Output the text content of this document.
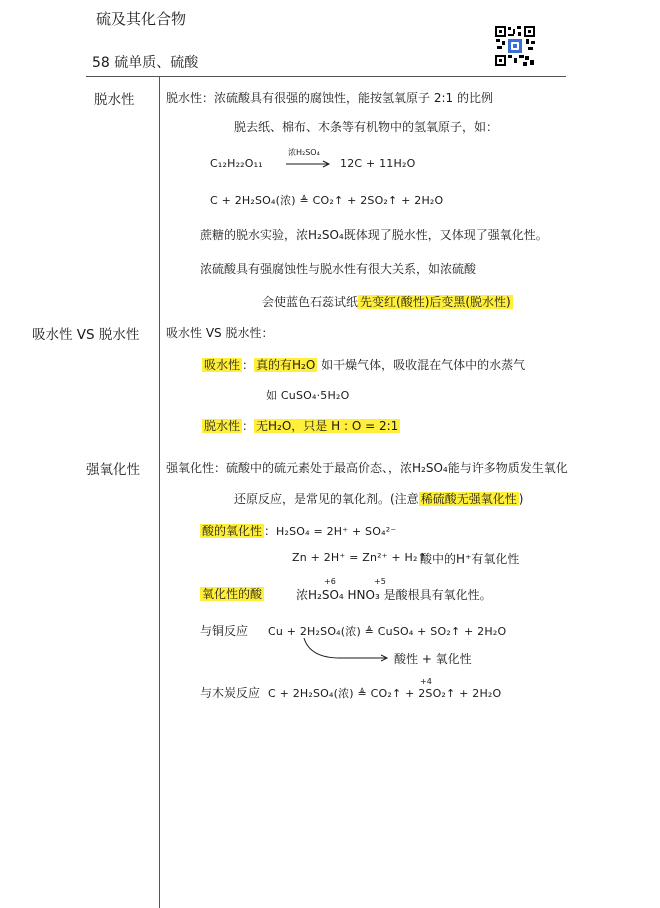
硫及其化合物
58 硫单质、硫酸
脱水性	脱水性：浓硫酸具有很强的腐蚀性，能按氢氧原子 2:1 的比例
脱去纸、棉布、木条等有机物中的氢氧原子，如：
C₁₂H₂₂O₁₁
浓H₂SO₄
→ 12C + 11H₂O
C + 2H₂SO₄(浓) ≜ CO₂↑ + 2SO₂↑ + 2H₂O
蔗糖的脱水实验，浓H₂SO₄既体现了脱水性，又体现了强氧化性。
浓硫酸具有强腐蚀性与脱水性有很大关系，如浓硫酸
会使蓝色石蕊试纸 先变红(酸性)后变黑(脱水性)
吸水性 VS 脱水性 吸水性 VS 脱水性：
吸水性 ： 真的有H₂O 如干燥气体，吸收混在气体中的水蒸气
如 CuSO₄·5H₂O
脱水性 ： 无H₂O，只是 H : O = 2:1
强氧化性 强氧化性：硫酸中的硫元素处于最高价态、，浓H₂SO₄能与许多物质发生氧化
还原反应，是常见的氧化剂。(注意 稀硫酸无强氧化性 )
酸的氧化性 ：H₂SO₄ = 2H⁺ + SO₄²⁻
Zn + 2H⁺ = Zn²⁺ + H₂↑
酸中的H⁺有氧化性
氧化性的酸
+6	+5
浓H₂SO₄ HNO₃ 是酸根具有氧化性。
与铜反应 Cu + 2H₂SO₄(浓) ≜ CuSO₄ + SO₂↑ + 2H₂O
酸性 + 氧化性
与木炭反应
+4
C + 2H₂SO₄(浓) ≜ CO₂↑ + 2SO₂↑ + 2H₂O
